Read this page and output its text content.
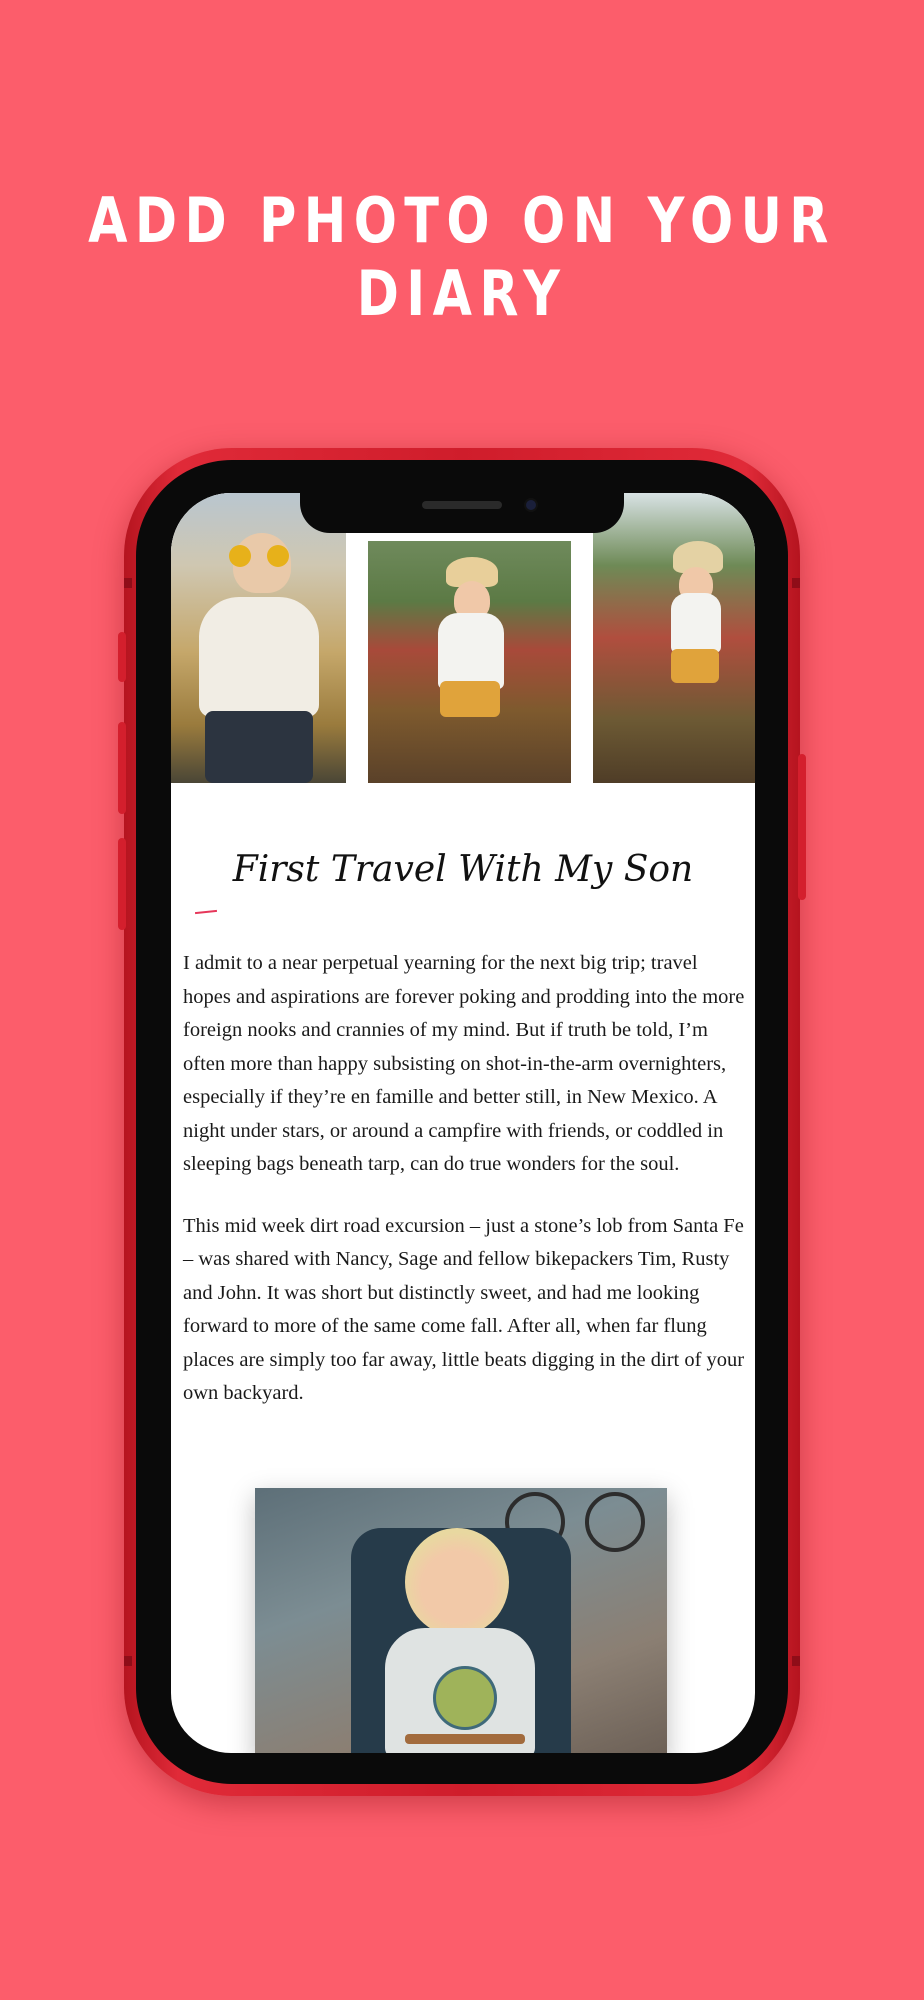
ADD PHOTO ON YOUR DIARY
First Travel With My Son

I admit to a near perpetual yearning for the next big trip; travel hopes and aspirations are forever poking and prodding into the more foreign nooks and crannies of my mind. But if truth be told, I’m often more than happy subsisting on shot-in-the-arm overnighters, especially if they’re en famille and better still, in New Mexico. A night under stars, or around a campfire with friends, or coddled in sleeping bags beneath tarp, can do true wonders for the soul.

This mid week dirt road excursion – just a stone’s lob from Santa Fe – was shared with Nancy, Sage and fellow bikepackers Tim, Rusty and John. It was short but distinctly sweet, and had me looking forward to more of the same come fall. After all, when far flung places are simply too far away, little beats digging in the dirt of your own backyard.
